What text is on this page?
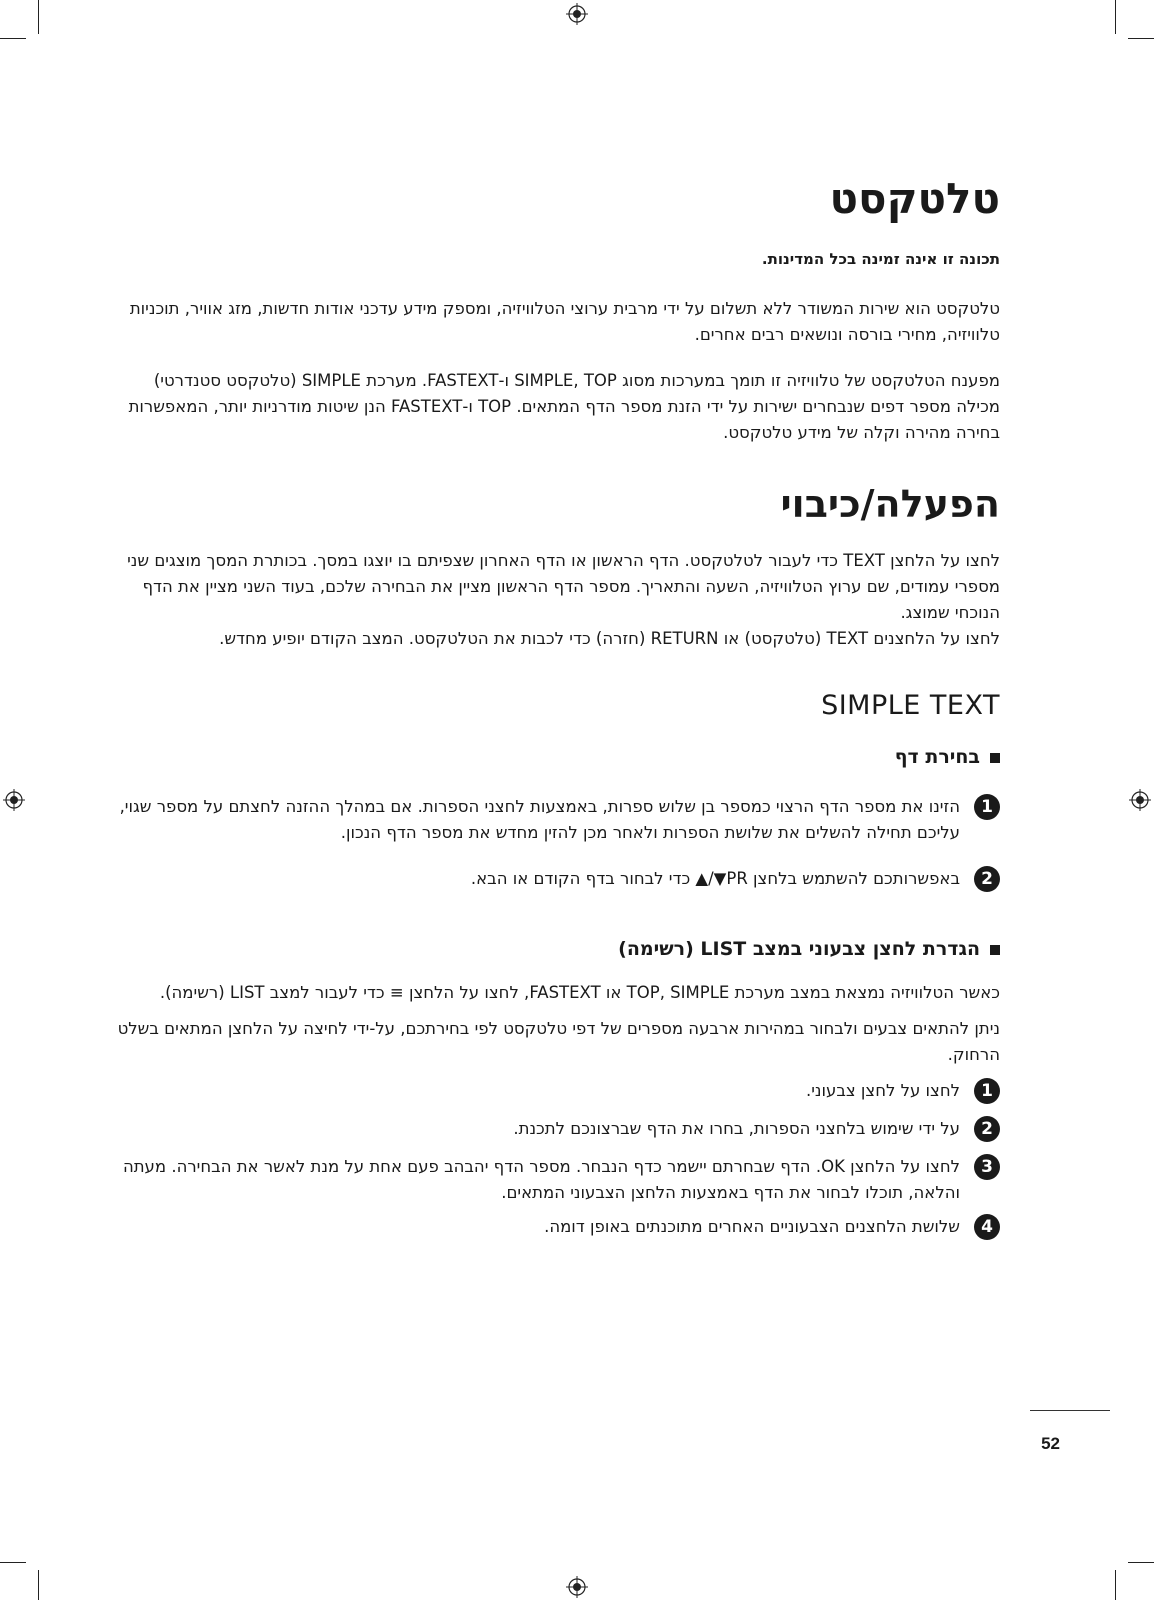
טלטקסט
תכונה זו אינה זמינה בכל המדינות.

טלטקסט הוא שירות המשודר ללא תשלום על ידי מרבית ערוצי הטלוויזיה, ומספק מידע עדכני אודות חדשות, מזג אוויר, תוכניות טלוויזיה, מחירי בורסה ונושאים רבים אחרים.

מפענח הטלטקסט של טלוויזיה זו תומך במערכות מסוג SIMPLE, TOP ו-FASTEXT. מערכת SIMPLE (טלטקסט סטנדרטי) מכילה מספר דפים שנבחרים ישירות על ידי הזנת מספר הדף המתאים. TOP ו-FASTEXT הנן שיטות מודרניות יותר, המאפשרות בחירה מהירה וקלה של מידע טלטקסט.

הפעלה/כיבוי

לחצו על הלחצן TEXT כדי לעבור לטלטקסט. הדף הראשון או הדף האחרון שצפיתם בו יוצגו במסך. בכותרת המסך מוצגים שני מספרי עמודים, שם ערוץ הטלוויזיה, השעה והתאריך. מספר הדף הראשון מציין את הבחירה שלכם, בעוד השני מציין את הדף הנוכחי שמוצג.

לחצו על הלחצנים TEXT (טלטקסט) או RETURN (חזרה) כדי לכבות את הטלטקסט. המצב הקודם יופיע מחדש.

SIMPLE TEXT
בחירת דף
1

הזינו את מספר הדף הרצוי כמספר בן שלוש ספרות, באמצעות לחצני הספרות. אם במהלך ההזנה לחצתם על מספר שגוי, עליכם תחילה להשלים את שלושת הספרות ולאחר מכן להזין מחדש את מספר הדף הנכון.

2

באפשרותכם להשתמש בלחצן PR▼/▲ כדי לבחור בדף הקודם או הבא.

הגדרת לחצן צבעוני במצב LIST (רשימה)

כאשר הטלוויזיה נמצאת במצב מערכת TOP, SIMPLE או FASTEXT, לחצו על הלחצן ≡ כדי לעבור למצב LIST (רשימה).

ניתן להתאים צבעים ולבחור במהירות ארבעה מספרים של דפי טלטקסט לפי בחירתכם, על-ידי לחיצה על הלחצן המתאים בשלט הרחוק.

1

לחצו על לחצן צבעוני.

2

על ידי שימוש בלחצני הספרות, בחרו את הדף שברצונכם לתכנת.

3

לחצו על הלחצן OK. הדף שבחרתם יישמר כדף הנבחר. מספר הדף יהבהב פעם אחת על מנת לאשר את הבחירה. מעתה והלאה, תוכלו לבחור את הדף באמצעות הלחצן הצבעוני המתאים.

4

שלושת הלחצנים הצבעוניים האחרים מתוכנתים באופן דומה.

52
